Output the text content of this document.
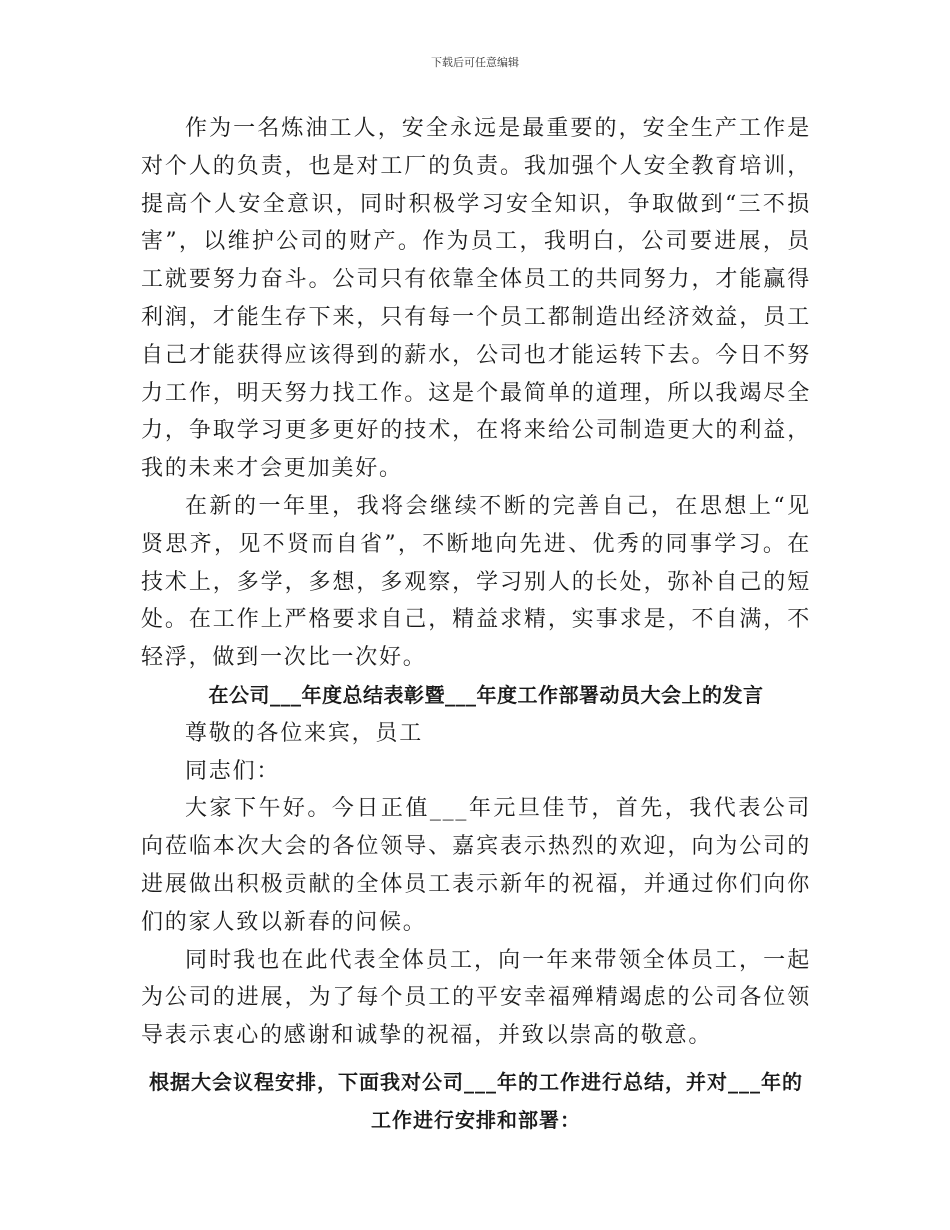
下载后可任意编辑

作为一名炼油工人，安全永远是最重要的，安全生产工作是对个人的负责，也是对工厂的负责。我加强个人安全教育培训，提高个人安全意识，同时积极学习安全知识，争取做到“三不损害”，以维护公司的财产。作为员工，我明白，公司要进展，员工就要努力奋斗。公司只有依靠全体员工的共同努力，才能赢得利润，才能生存下来，只有每一个员工都制造出经济效益，员工自己才能获得应该得到的薪水，公司也才能运转下去。今日不努力工作，明天努力找工作。这是个最简单的道理，所以我竭尽全力，争取学习更多更好的技术，在将来给公司制造更大的利益，我的未来才会更加美好。

在新的一年里，我将会继续不断的完善自己，在思想上“见贤思齐，见不贤而自省”，不断地向先进、优秀的同事学习。在技术上，多学，多想，多观察，学习别人的长处，弥补自己的短处。在工作上严格要求自己，精益求精，实事求是，不自满，不轻浮，做到一次比一次好。

在公司___年度总结表彰暨___年度工作部署动员大会上的发言

尊敬的各位来宾，员工

同志们：

大家下午好。今日正值___年元旦佳节，首先，我代表公司向莅临本次大会的各位领导、嘉宾表示热烈的欢迎，向为公司的进展做出积极贡献的全体员工表示新年的祝福，并通过你们向你们的家人致以新春的问候。

同时我也在此代表全体员工，向一年来带领全体员工，一起为公司的进展，为了每个员工的平安幸福殚精竭虑的公司各位领导表示衷心的感谢和诚挚的祝福，并致以崇高的敬意。

根据大会议程安排，下面我对公司___年的工作进行总结，并对___年的工作进行安排和部署：
